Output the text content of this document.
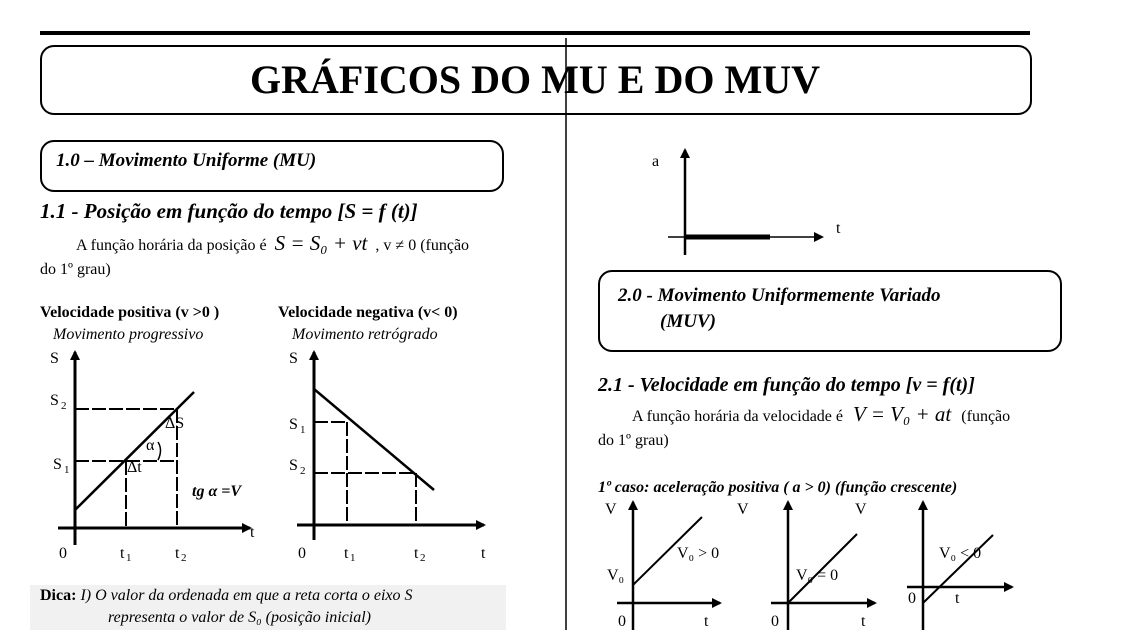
S
S 2
S 1
ΔS
α
Δt
tg α =V
0	t 1	t 2
t
S
S 1
S 2
0 t 1	t 2	t
a
t
V
V₀
V₀ > 0
0	t
V
V₀ = 0
0	t
V
V₀ < 0
0 t
GRÁFICOS DO MU E DO MUV
1.0 – Movimento Uniforme (MU)
1.1 - Posição em função do tempo [S = f (t)]
A função horária da posição é S = S₀ + vt , v ≠ 0 (função
do 1º grau)
Velocidade positiva (v >0 )
Movimento progressivo
Velocidade negativa (v< 0)
Movimento retrógrado
Dica: I) O valor da ordenada em que a reta corta o eixo S
representa o valor de S₀ (posição inicial)
2.0 - Movimento Uniformemente Variado
(MUV)
2.1 - Velocidade em função do tempo [v = f(t)]
A função horária da velocidade é V = V₀ + at (função
do 1º grau)
1º caso: aceleração positiva ( a > 0) (função crescente)
